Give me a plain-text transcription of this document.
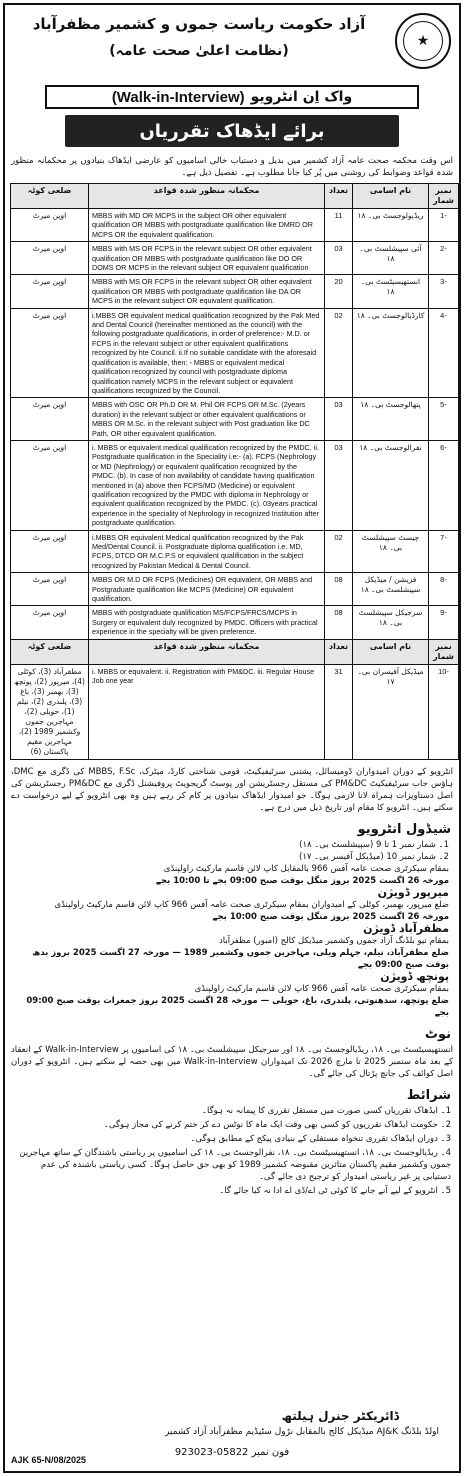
★
آزاد حکومت ریاست جموں و کشمیر مظفرآباد
(نظامت اعلیٰ صحت عامہ)
(Walk-in-Interview) واک اِن انٹرویو
برائے ایڈھاک تقرریاں

اس وقت محکمہ صحت عامہ آزاد کشمیر میں بدیل و دستیاب خالی اسامیوں کو عارضی ایڈھاک بنیادوں پر محکمانہ منظور شدہ قواعد وضوابط کی روشنی میں پُر کیا جانا مطلوب ہے۔ تفصیل ذیل ہے۔

نمبر شمار	نام اسامی	تعداد	محکمانہ منظور شدہ قواعد	ضلعی کوٹہ
-1	ریڈیولوجسٹ بی۔ ۱۸	11	MBBS with MD OR MCPS in the subject OR other equivalent qualification OR MBBS with postgraduate qualification like DMRD OR MCPS OR the equivalent qualification.	اوپن میرٹ
-2	آئی سپیشلسٹ بی۔ ۱۸	03	MBBS with MS OR FCPS in the relevant subject OR other equivalent qualification OR MBBS with postgraduate qualification like DO OR DOMS OR MCPS in the relevant subject OR equivalent qualification	اوپن میرٹ
-3	انستھیسیٹسٹ بی۔ ۱۸	20	MBBS with MS OR FCPS in the relevant subject OR other equivalent qualification OR MBBS with postgraduate qualification like DA OR MCPS in the relevant subject OR equivalent qualification.	اوپن میرٹ
-4	کارڈیالوجسٹ بی۔ ۱۸	02	i.MBBS OR equivalent medical qualification recognized by the Pak Med and Dental Council (hereinafter mentioned as the council) with the following postgraduate qualifications, in order of preference:- M.D. or FCPS in the relevant subject or other equivalent qualifications recognized by hte Council. ii.If no suitable candidate with the aforesaid qualification is available, then: - MBBS or equivalent medical qualification recognized by council with postgraduate diploma qualification namely MCPS in the relevant subject or equivalent qualifications recognized by the Council.	اوپن میرٹ
-5	پتھالوجسٹ بی۔ ۱۸	03	MBBS with OSC OR Ph.D OR M. Phil OR FCPS OR M.Sc. (2years duration) in the relevant subject or other equivalent qualifications or MBBS OR M.Sc. in the relevant subject with Post graduation like DC Path, OR other equivalent qualification.	اوپن میرٹ
-6	نفرالوجسٹ بی۔ ۱۸	03	i. MBBS or equivalent medical qualification recognized by the PMDC. ii. Postgraduate qualification in the Speciality i.e:- (a). FCPS (Nephrology or MD (Nephrology) or equivalent qualification recognized by the PMDC. (b). In case of non availability of candidate having qualification mentioned in (a) above then FCPS/MD (Medicine) or equivalent qualification recognized by the PMDC with diploma in Nephrology or equivalent qualification recognized by the PMDC. (c). 03years practical experience in the speciality of Nephrology in recognized Institution after postgraduate qualification.	اوپن میرٹ
-7	چیسٹ سپیشلسٹ بی۔ ۱۸	02	i.MBBS OR equivalent Medical qualification recognized by the Pak Med/Dental Council. ii. Postgraduate diploma qualification i.e. MD, FCPS, DTCD OR M.C.P.S or equivalent qualification in the subject recognized by Pakistan Medical & Dental Council.	اوپن میرٹ
-8	فزیشن / میڈیکل سپیشلسٹ بی۔ ۱۸	08	MBBS OR M.D OR FCPS (Medicines) OR equivalent, OR MBBS and Postgraduate qualification like MCPS (Medicine) OR equivalent qualification.	اوپن میرٹ
-9	سرجیکل سپیشلسٹ بی۔ ۱۸	08	MBBS with postgraduate qualification MS/FCPS/FRCS/MCPS in Surgery or equivalent duly recognized by PMDC. Officers with practical experience in the specialty will be given preference.	اوپن میرٹ
نمبر شمار	نام اسامی	تعداد	محکمانہ منظور شدہ قواعد	ضلعی کوٹہ
-10	میڈیکل آفیسران بی۔ ۱۷	31	i. MBBS or equivalent. ii. Registration with PM&DC. iii. Regular House Job one year	مظفرآباد (3)، کوٹلی (4)، میرپور (2)، پونچھ (3)، بھمبر (3)، باغ (3)، پلندری (2)، نیلم (1)، حویلی (2)، مہاجرین جموں وکشمیر 1989 (2)، مہاجرین مقیم پاکستان (6)

انٹرویو کے دوران امیدواران ڈومیسائل، پشتنی سرٹیفیکیٹ، قومی شناختی کارڈ، میٹرک، MBBS, F.Sc کی ڈگری مع DMC، ہاؤس جاب سرٹیفیکیٹ PM&DC کی مستقل رجسٹریشن اور پوسٹ گریجویٹ پروفیشنل ڈگری مع PM&DC رجسٹریشن کی اصل دستاویزات ہمراہ لانا لازمی ہوگا۔ جو امیدوار ایڈھاک بنیادوں پر کام کر رہے ہیں وہ بھی انٹرویو کے لیے درخواست دے سکتے ہیں۔ انٹرویو کا مقام اور تاریخ ذیل میں درج ہے۔

شیڈول انٹرویو
1۔ شمار نمبر 1 تا 9 (سپیشلسٹ بی۔ ۱۸)
2۔ شمار نمبر 10 (میڈیکل آفیسر بی۔ ۱۷)
بمقام سیکرٹری صحت عامہ آفس 966 بالمقابل کاپ لائن قاسم مارکیٹ راولپنڈی
مورخہ 26 اگست 2025 بروز منگل بوقت صبح 09:00 بجے تا 10:00 بجے
میرپور ڈویژن
ضلع میرپور، بھمبر، کوٹلی کے امیدواران بمقام سیکرٹری صحت عامہ آفس 966 کاپ لائن قاسم مارکیٹ راولپنڈی
مورخہ 26 اگست 2025 بروز منگل بوقت صبح 10:00 بجے
مظفرآباد ڈویژن
بمقام نیو بلڈنگ آزاد جموں وکشمیر میڈیکل کالج (امبور) مظفرآباد
ضلع مظفرآباد، نیلم، جہلم ویلی، مہاجرین جموں وکشمیر 1989 — مورخہ 27 اگست 2025 بروز بدھ بوقت صبح 09:00 بجے
پونچھ ڈویژن
بمقام سیکرٹری صحت عامہ آفس 966 کاپ لائن قاسم مارکیٹ راولپنڈی
ضلع پونچھ، سدھنوتی، پلندری، باغ، حویلی — مورخہ 28 اگست 2025 بروز جمعرات بوقت صبح 09:00 بجے
نوٹ

انستھیسیٹسٹ بی۔ ۱۸، ریڈیالوجسٹ بی۔ ۱۸ اور سرجیکل سپیشلسٹ بی۔ ۱۸ کی اسامیوں پر Walk-in-Interview کے انعقاد کے بعد ماہ ستمبر 2025 تا مارچ 2026 تک امیدواران Walk-in-Interview میں بھی حصہ لے سکتے ہیں۔ انٹرویو کے دوران اصل کوائف کی جانچ پڑتال کی جائے گی۔

شرائط
1۔ ایڈھاک تقرریاں کسی صورت میں مستقل تقرری کا پیمانہ نہ ہوگا۔
2۔ حکومت ایڈھاک تقرریوں کو کسی بھی وقت ایک ماہ کا نوٹس دے کر ختم کرنے کی مجاز ہوگی۔
3۔ دوران ایڈھاک تقرری تنخواہ مستقلی کے بنیادی پیکج کے مطابق ہوگی۔
4۔ ریڈیالوجسٹ بی۔ ۱۸، انستھیسیٹسٹ بی۔ ۱۸، نفرالوجسٹ بی۔ ۱۸ کی اسامیوں پر ریاستی باشندگان کے ساتھ مہاجرین جموں وکشمیر مقیم پاکستان متاثرین مقبوضہ کشمیر 1989 کو بھی حق حاصل ہوگا۔ کسی ریاستی باشندہ کی عدم دستیابی پر غیر ریاستی امیدوار کو ترجیح دی جائے گی۔
5۔ انٹرویو کے لیے آنے جانے کا کوئی ٹی اے/ڈی اے ادا نہ کیا جائے گا۔
ڈائریکٹر جنرل ہیلتھ
اولڈ بلڈنگ AJ&K میڈیکل کالج بالمقابل نڑول سٹیڈیم مظفرآباد آزاد کشمیر
فون نمبر 05822-923023
AJK 65-N/08/2025
